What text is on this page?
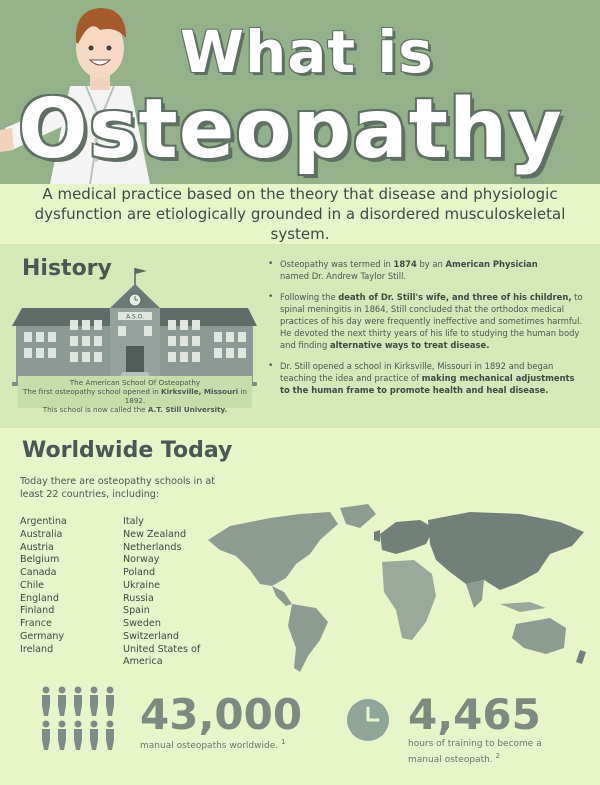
What is
Osteopathy

A medical practice based on the theory that disease and physiologic dysfunction are etiologically grounded in a disordered musculoskeletal system.

A.S.O.
History
The American School Of Osteopathy
The first osteopathy school opened in Kirksville, Missouri in 1892.
This school is now called the A.T. Still University.
• Osteopathy was termed in 1874 by an American Physician
named Dr. Andrew Taylor Still.
• Following the death of Dr. Still's wife, and three of his children, to spinal meningitis in 1864, Still concluded that the orthodox medical practices of his day were frequently ineffective and sometimes harmful. He devoted the next thirty years of his life to studying the human body and finding alternative ways to treat disease.
• Dr. Still opened a school in Kirksville, Missouri in 1892 and began teaching the idea and practice of making mechanical adjustments to the human frame to promote health and heal disease.
Worldwide Today
Today there are osteopathy schools in at least 22 countries, including:
Argentina
Australia
Austria
Belgium
Canada
Chile
England
Finland
France
Germany
Ireland
Italy
New Zealand
Netherlands
Norway
Poland
Ukraine
Russia
Spain
Sweden
Switzerland
United States of America
43,000
manual osteopaths worldwide. $^1$
4,465
hours of training to become a manual osteopath. $^2$
